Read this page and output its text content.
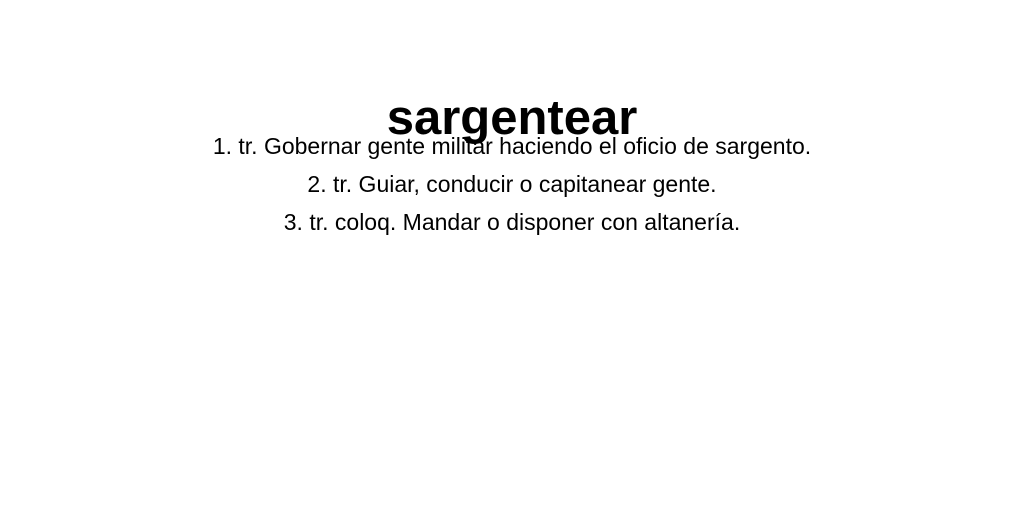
sargentear
1. tr. Gobernar gente militar haciendo el oficio de sargento.
2. tr. Guiar, conducir o capitanear gente.
3. tr. coloq. Mandar o disponer con altanería.
